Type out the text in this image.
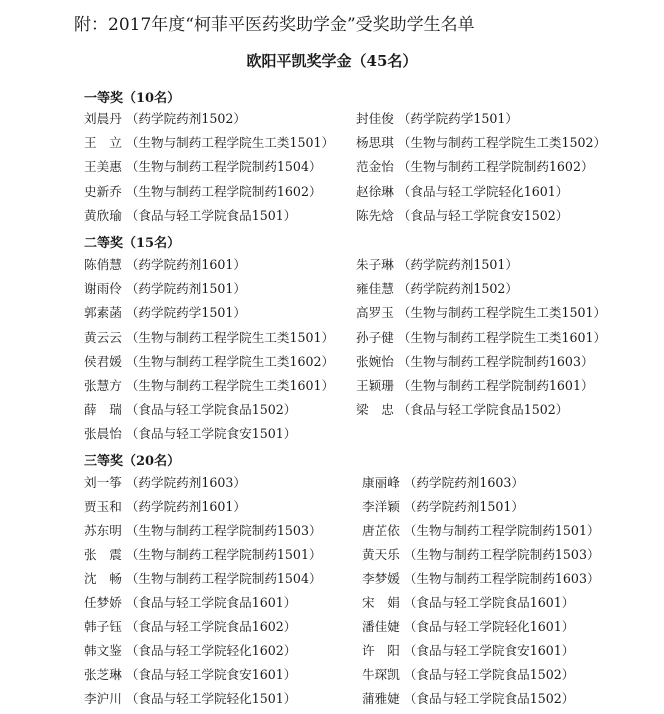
附：2017年度“柯菲平医药奖助学金”受奖助学生名单
欧阳平凯奖学金（45名）
一等奖（10名）
刘晨丹 （药学院药剂1502）	封佳俊 （药学院药学1501）
王　立 （生物与制药工程学院生工类1501） 杨思琪 （生物与制药工程学院生工类1502）
王美惠 （生物与制药工程学院制药1504）	范金怡 （生物与制药工程学院制药1602）
史新乔 （生物与制药工程学院制药1602）	赵徐琳 （食品与轻工学院轻化1601）
黄欣瑜 （食品与轻工学院食品1501）	陈先焓 （食品与轻工学院食安1502）
二等奖（15名）
陈俏慧 （药学院药剂1601）	朱子琳 （药学院药剂1501）
谢雨伶 （药学院药剂1501）	雍佳慧 （药学院药剂1502）
郭素菡 （药学院药学1501）	高罗玉 （生物与制药工程学院生工类1501）
黄云云 （生物与制药工程学院生工类1501） 孙子健 （生物与制药工程学院生工类1601）
侯君媛 （生物与制药工程学院生工类1602） 张婉怡 （生物与制药工程学院制药1603）
张慧方 （生物与制药工程学院生工类1601） 王颖珊 （生物与制药工程学院制药1601）
薛　瑞 （食品与轻工学院食品1502）	梁　忠 （食品与轻工学院食品1502）
张晨怡 （食品与轻工学院食安1501）
三等奖（20名）
刘一筝 （药学院药剂1603）	康丽峰 （药学院药剂1603）
贾玉和 （药学院药剂1601）	李洋颖 （药学院药剂1501）
苏东明 （生物与制药工程学院制药1503）	唐芷依 （生物与制药工程学院制药1501）
张　震 （生物与制药工程学院制药1501）	黄天乐 （生物与制药工程学院制药1503）
沈　畅 （生物与制药工程学院制药1504）	李梦媛 （生物与制药工程学院制药1603）
任梦娇 （食品与轻工学院食品1601）	宋　娟 （食品与轻工学院食品1601）
韩子钰 （食品与轻工学院食品1602）	潘佳婕 （食品与轻工学院轻化1601）
韩文鉴 （食品与轻工学院轻化1602）	许　阳 （食品与轻工学院食安1601）
张芝琳 （食品与轻工学院食安1601）	牛琛凯 （食品与轻工学院食品1502）
李沪川 （食品与轻工学院轻化1501）	蒲雅婕 （食品与轻工学院食品1502）
